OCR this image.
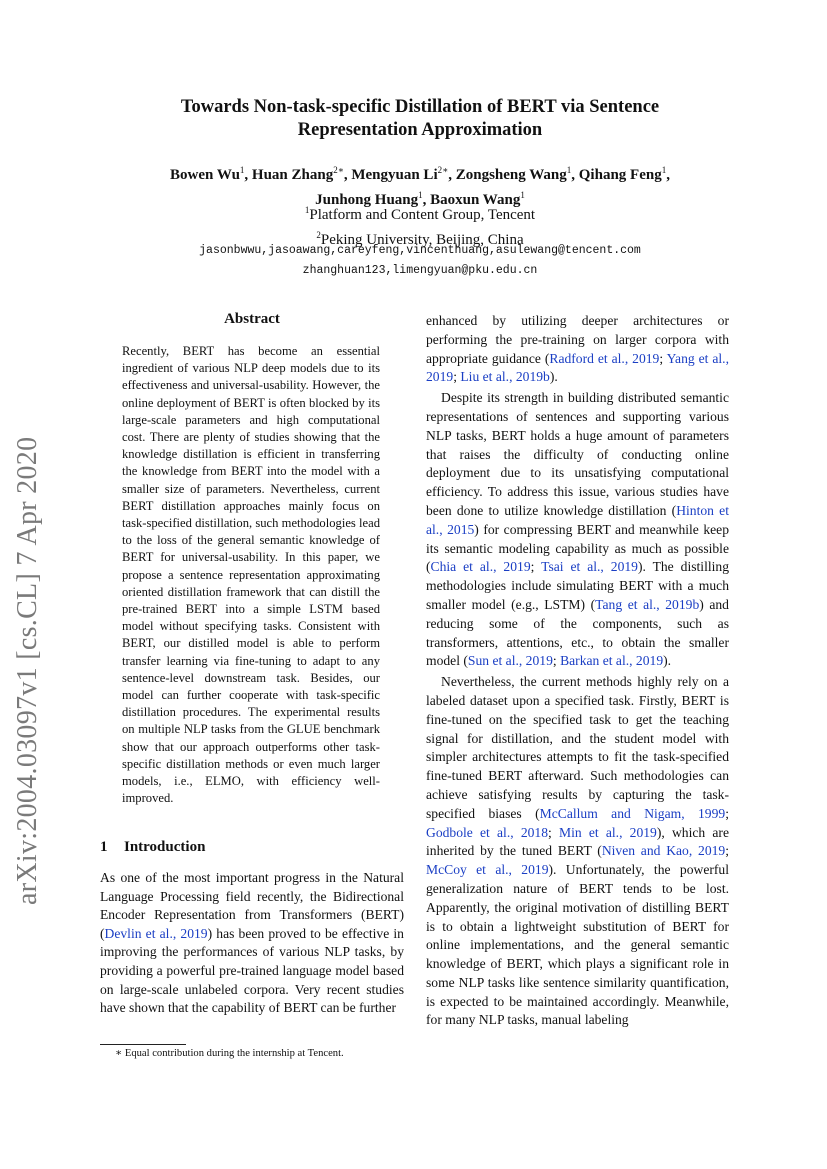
arXiv:2004.03097v1 [cs.CL] 7 Apr 2020
Towards Non-task-specific Distillation of BERT via Sentence
Representation Approximation
Bowen Wu$^1$, Huan Zhang$^{2∗}$, Mengyuan $Li^{2∗}$, Zongsheng Wang$^1$, Qihang Feng$^1$,
Junhong Huang$^1$, Baoxun Wang$^1$
$^1$Platform and Content Group, Tencent
$^2$Peking University, Beijing, China
jasonbwwu,jasoawang,careyfeng,vincenthuang,asulewang@tencent.com
zhanghuan123,limengyuan@pku.edu.cn
Abstract
Recently, BERT has become an essential ingredient of various NLP deep models due to its effectiveness and universal-usability. However, the online deployment of BERT is often blocked by its large-scale parameters and high computational cost. There are plenty of studies showing that the knowledge distillation is efficient in transferring the knowledge from BERT into the model with a smaller size of parameters. Nevertheless, current BERT distillation approaches mainly focus on task-specified distillation, such methodologies lead to the loss of the general semantic knowledge of BERT for universal-usability. In this paper, we propose a sentence representation approximating oriented distillation framework that can distill the pre-trained BERT into a simple LSTM based model without specifying tasks. Consistent with BERT, our distilled model is able to perform transfer learning via fine-tuning to adapt to any sentence-level downstream task. Besides, our model can further cooperate with task-specific distillation procedures. The experimental results on multiple NLP tasks from the GLUE benchmark show that our approach outperforms other task-specific distillation methods or even much larger models, i.e., ELMO, with efficiency well-improved.
1 Introduction
As one of the most important progress in the Natural Language Processing field recently, the Bidirectional Encoder Representation from Transformers (BERT) (Devlin et al., 2019) has been proved to be effective in improving the performances of various NLP tasks, by providing a powerful pre-trained language model based on large-scale unlabeled corpora. Very recent studies have shown that the capability of BERT can be further
∗ Equal contribution during the internship at Tencent.

enhanced by utilizing deeper architectures or performing the pre-training on larger corpora with appropriate guidance (Radford et al., 2019; Yang et al., 2019; Liu et al., 2019b).

Despite its strength in building distributed semantic representations of sentences and supporting various NLP tasks, BERT holds a huge amount of parameters that raises the difficulty of conducting online deployment due to its unsatisfying computational efficiency. To address this issue, various studies have been done to utilize knowledge distillation (Hinton et al., 2015) for compressing BERT and meanwhile keep its semantic modeling capability as much as possible (Chia et al., 2019; Tsai et al., 2019). The distilling methodologies include simulating BERT with a much smaller model (e.g., LSTM) (Tang et al., 2019b) and reducing some of the components, such as transformers, attentions, etc., to obtain the smaller model (Sun et al., 2019; Barkan et al., 2019).

Nevertheless, the current methods highly rely on a labeled dataset upon a specified task. Firstly, BERT is fine-tuned on the specified task to get the teaching signal for distillation, and the student model with simpler architectures attempts to fit the task-specified fine-tuned BERT afterward. Such methodologies can achieve satisfying results by capturing the task-specified biases (McCallum and Nigam, 1999; Godbole et al., 2018; Min et al., 2019), which are inherited by the tuned BERT (Niven and Kao, 2019; McCoy et al., 2019). Unfortunately, the powerful generalization nature of BERT tends to be lost. Apparently, the original motivation of distilling BERT is to obtain a lightweight substitution of BERT for online implementations, and the general semantic knowledge of BERT, which plays a significant role in some NLP tasks like sentence similarity quantification, is expected to be maintained accordingly. Meanwhile, for many NLP tasks, manual labeling
